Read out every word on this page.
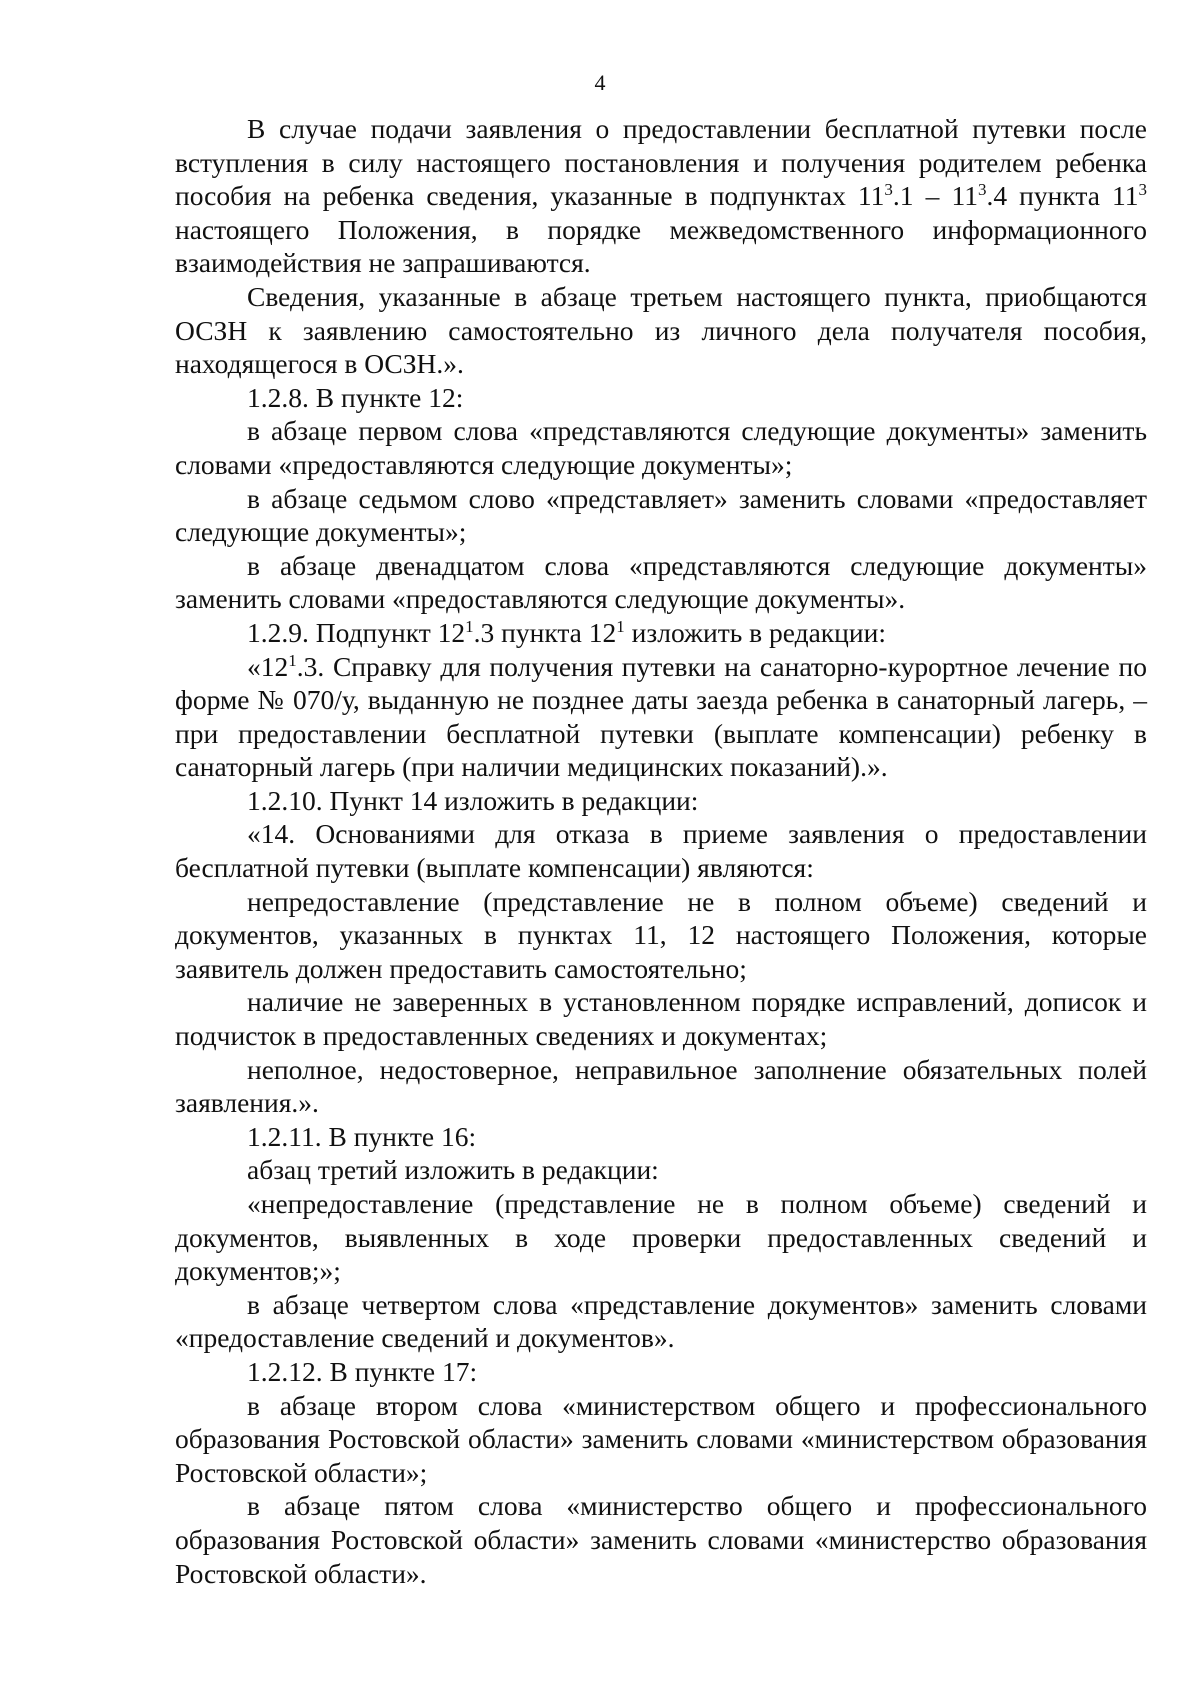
4

В случае подачи заявления о предоставлении бесплатной путевки после вступления в силу настоящего постановления и получения родителем ребенка пособия на ребенка сведения, указанные в подпунктах $11^3.1 - 11^3.4$ пункта $11^3$ настоящего Положения, в порядке межведомственного информационного взаимодействия не запрашиваются.

Сведения, указанные в абзаце третьем настоящего пункта, приобщаются ОСЗН к заявлению самостоятельно из личного дела получателя пособия, находящегося в ОСЗН.».

1.2.8. В пункте 12:

в абзаце первом слова «представляются следующие документы» заменить словами «предоставляются следующие документы»;

в абзаце седьмом слово «представляет» заменить словами «предоставляет следующие документы»;

в абзаце двенадцатом слова «представляются следующие документы» заменить словами «предоставляются следующие документы».

1.2.9. Подпункт $12^1.3$ пункта $12^1$ изложить в редакции:

«$12^1.3$. Справку для получения путевки на санаторно-курортное лечение по форме № 070/у, выданную не позднее даты заезда ребенка в санаторный лагерь, – при предоставлении бесплатной путевки (выплате компенсации) ребенку в санаторный лагерь (при наличии медицинских показаний).».

1.2.10. Пункт 14 изложить в редакции:

«14. Основаниями для отказа в приеме заявления о предоставлении бесплатной путевки (выплате компенсации) являются:

непредоставление (представление не в полном объеме) сведений и документов, указанных в пунктах 11, 12 настоящего Положения, которые заявитель должен предоставить самостоятельно;

наличие не заверенных в установленном порядке исправлений, дописок и подчисток в предоставленных сведениях и документах;

неполное, недостоверное, неправильное заполнение обязательных полей заявления.».

1.2.11. В пункте 16:

абзац третий изложить в редакции:

«непредоставление (представление не в полном объеме) сведений и документов, выявленных в ходе проверки предоставленных сведений и документов;»;

в абзаце четвертом слова «представление документов» заменить словами «предоставление сведений и документов».

1.2.12. В пункте 17:

в абзаце втором слова «министерством общего и профессионального образования Ростовской области» заменить словами «министерством образования Ростовской области»;

в абзаце пятом слова «министерство общего и профессионального образования Ростовской области» заменить словами «министерство образования Ростовской области».
